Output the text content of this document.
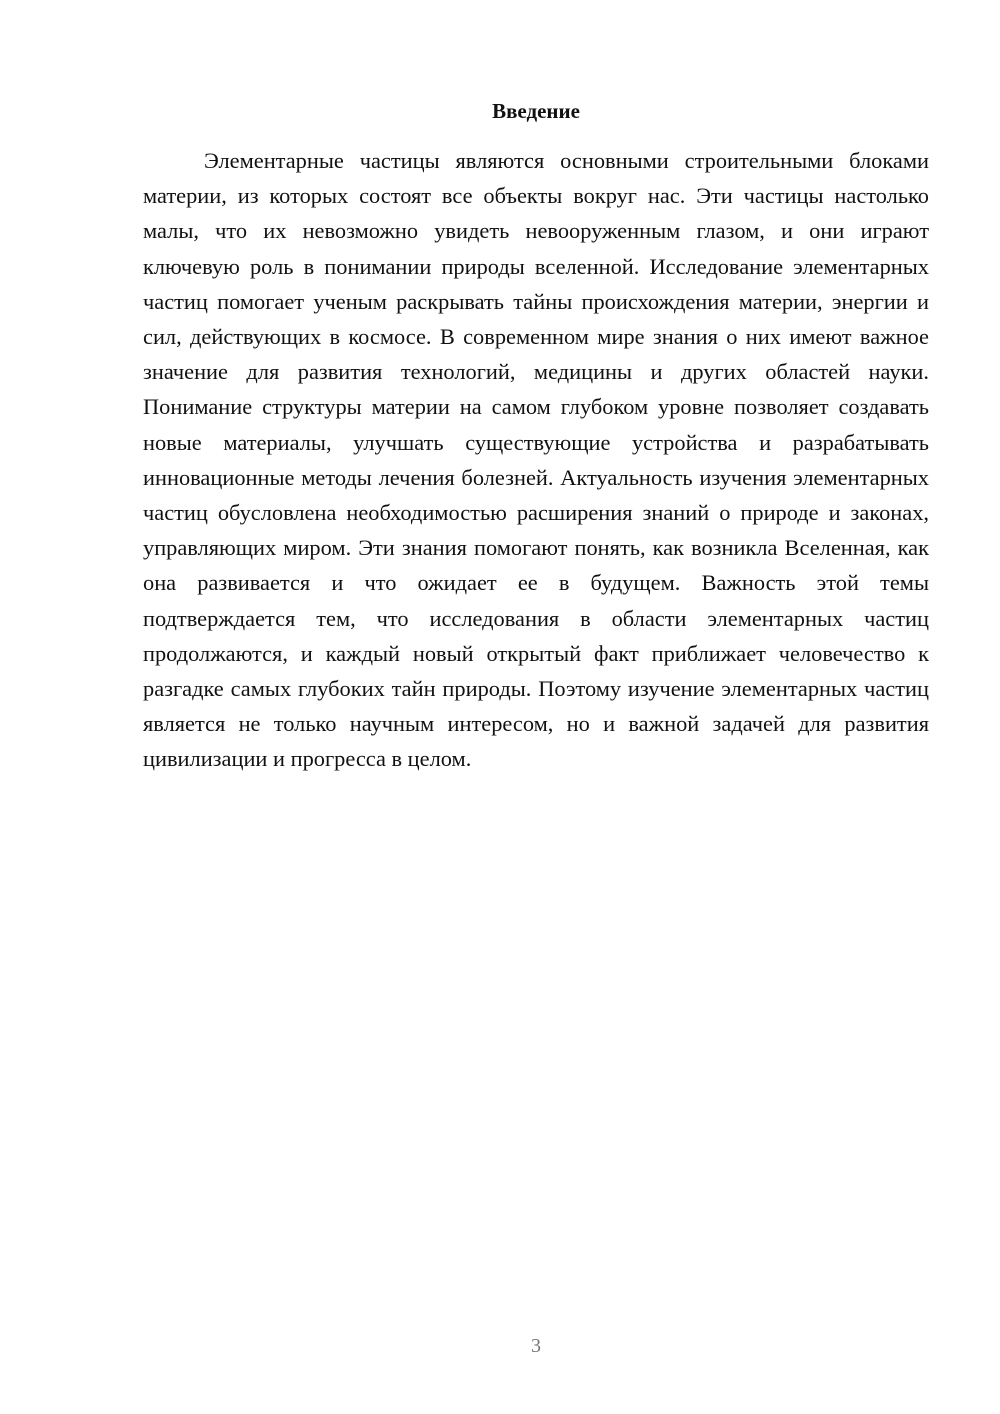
Введение

Элементарные частицы являются основными строительными блоками материи, из которых состоят все объекты вокруг нас. Эти частицы настолько малы, что их невозможно увидеть невооруженным глазом, и они играют ключевую роль в понимании природы вселенной. Исследование элементарных частиц помогает ученым раскрывать тайны происхождения материи, энергии и сил, действующих в космосе. В современном мире знания о них имеют важное значение для развития технологий, медицины и других областей науки. Понимание структуры материи на самом глубоком уровне позволяет создавать новые материалы, улучшать существующие устройства и разрабатывать инновационные методы лечения болезней. Актуальность изучения элементарных частиц обусловлена необходимостью расширения знаний о природе и законах, управляющих миром. Эти знания помогают понять, как возникла Вселенная, как она развивается и что ожидает ее в будущем. Важность этой темы подтверждается тем, что исследования в области элементарных частиц продолжаются, и каждый новый открытый факт приближает человечество к разгадке самых глубоких тайн природы. Поэтому изучение элементарных частиц является не только научным интересом, но и важной задачей для развития цивилизации и прогресса в целом.

3
